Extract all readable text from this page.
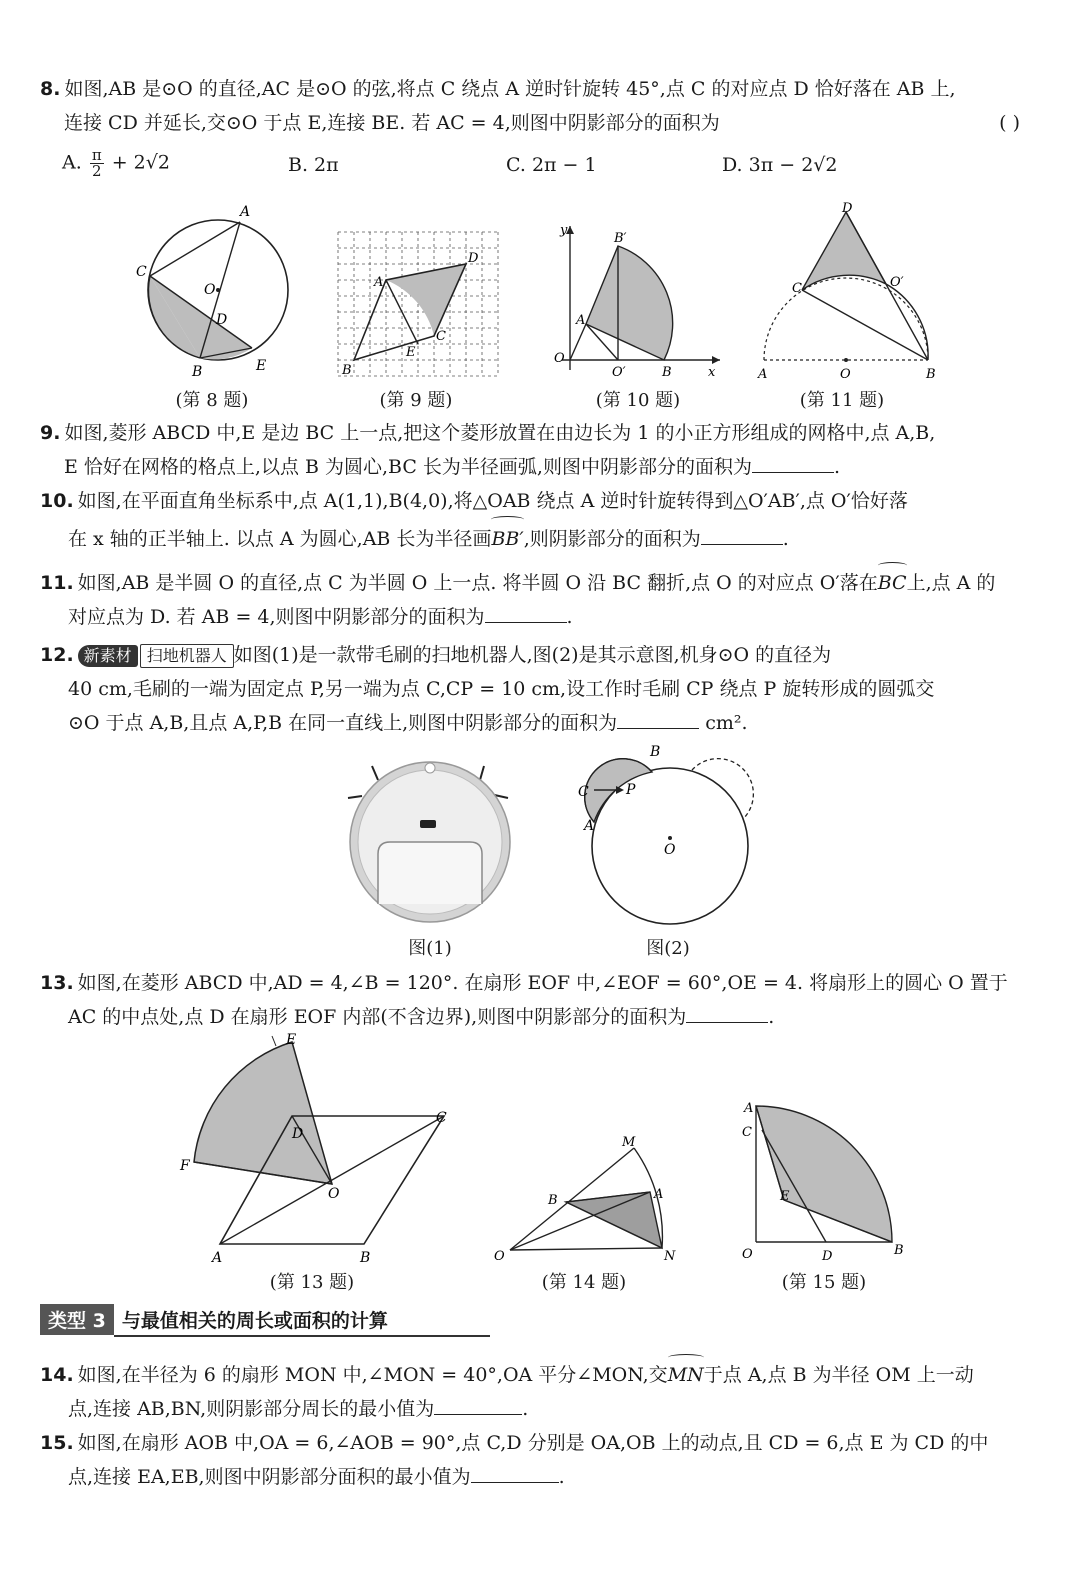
8. 如图,AB 是⊙O 的直径,AC 是⊙O 的弦,将点 C 绕点 A 逆时针旋转 45°,点 C 的对应点 D 恰好落在 AB 上,
连接 CD 并延长,交⊙O 于点 E,连接 BE. 若 AC = 4,则图中阴影部分的面积为	( )
A. $\frac{\pi}{2} + 2√2$	B. 2π	C. 2π − 1	D. 3π − 2√2
A
C
O
D
E
B
(第 8 题)
A
B
C
D
E
(第 9 题)
y
O
A
B′
O′	B	x
(第 10 题)
D
C	O′
A	O	B
(第 11 题)
9. 如图,菱形 ABCD 中,E 是边 BC 上一点,把这个菱形放置在由边长为 1 的小正方形组成的网格中,点 A,B,
E 恰好在网格的格点上,以点 B 为圆心,BC 长为半径画弧,则图中阴影部分的面积为	.
10. 如图,在平面直角坐标系中,点 A(1,1),B(4,0),将△OAB 绕点 A 逆时针旋转得到△O′AB′,点 O′恰好落
在 x 轴的正半轴上. 以点 A 为圆心,AB 长为半径画BB′,则阴影部分的面积为	.
11. 如图,AB 是半圆 O 的直径,点 C 为半圆 O 上一点. 将半圆 O 沿 BC 翻折,点 O 的对应点 O′落在BC上,点 A 的
对应点为 D. 若 AB = 4,则图中阴影部分的面积为	.
12. 新素材 扫地机器人 如图(1)是一款带毛刷的扫地机器人,图(2)是其示意图,机身⊙O 的直径为
40 cm,毛刷的一端为固定点 P,另一端为点 C,CP = 10 cm,设工作时毛刷 CP 绕点 P 旋转形成的圆弧交
⊙O 于点 A,B,且点 A,P,B 在同一直线上,则图中阴影部分的面积为	cm².
图(1)
C	P
B
A
O
图(2)
13. 如图,在菱形 ABCD 中,AD = 4,∠B = 120°. 在扇形 EOF 中,∠EOF = 60°,OE = 4. 将扇形上的圆心 O 置于
AC 的中点处,点 D 在扇形 EOF 内部(不含边界),则图中阴影部分的面积为	.
E
F
D
C
O
A	B
(第 13 题)
M
B	A
O	N
(第 14 题)
A
C
E
O	D	B
(第 15 题)
类型 3 与最值相关的周长或面积的计算
14. 如图,在半径为 6 的扇形 MON 中,∠MON = 40°,OA 平分∠MON,交MN于点 A,点 B 为半径 OM 上一动
点,连接 AB,BN,则阴影部分周长的最小值为	.
15. 如图,在扇形 AOB 中,OA = 6,∠AOB = 90°,点 C,D 分别是 OA,OB 上的动点,且 CD = 6,点 E 为 CD 的中
点,连接 EA,EB,则图中阴影部分面积的最小值为	.
